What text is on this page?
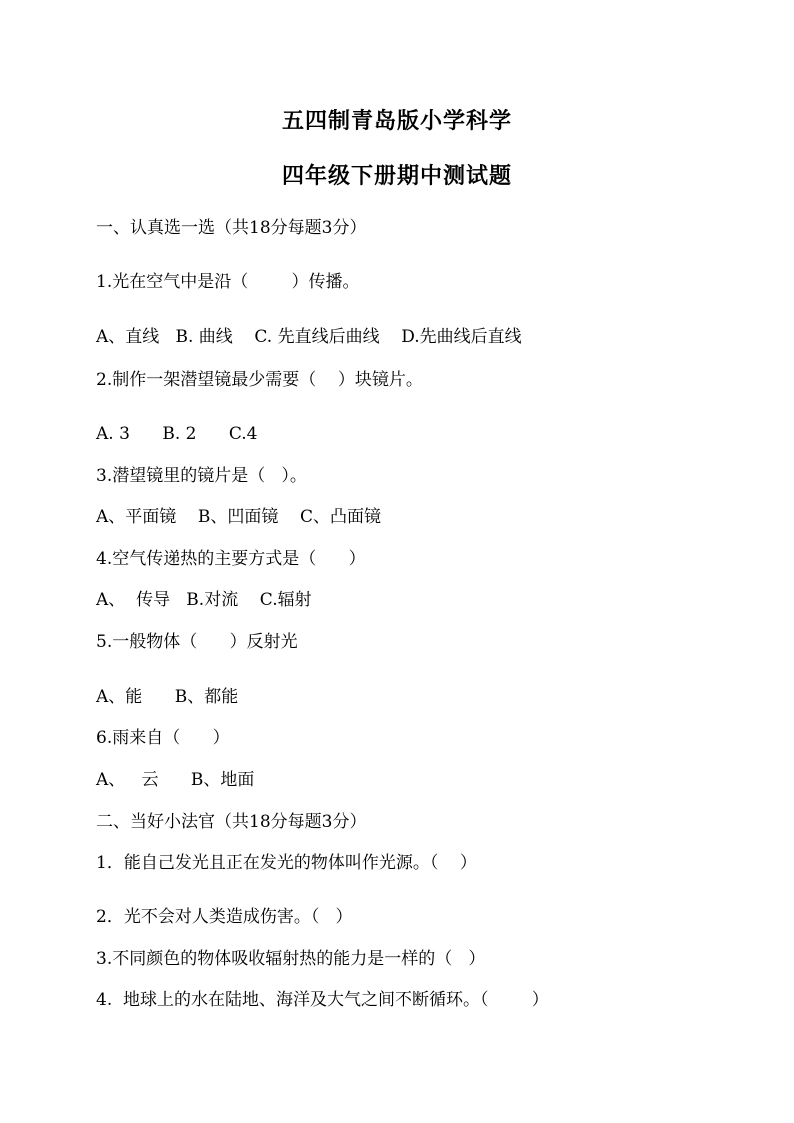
五四制青岛版小学科学
四年级下册期中测试题
一、认真选一选（共18分每题3分）
1.光在空气中是沿（        ）传播。
A、直线   B. 曲线    C. 先直线后曲线    D.先曲线后直线
2.制作一架潜望镜最少需要（    ）块镜片。
A. 3      B. 2      C.4
3.潜望镜里的镜片是（   ）。
A、平面镜    B、凹面镜    C、凸面镜
4.空气传递热的主要方式是（      ）
A、  传导   B.对流    C.辐射
5.一般物体（      ）反射光
A、能      B、都能
6.雨来自（      ）
A、   云      B、地面
二、当好小法官（共18分每题3分）
1．能自己发光且正在发光的物体叫作光源。（    ）
2．光不会对人类造成伤害。（   ）
3.不同颜色的物体吸收辐射热的能力是一样的（   ）
4.  地球上的水在陆地、海洋及大气之间不断循环。（        ）
